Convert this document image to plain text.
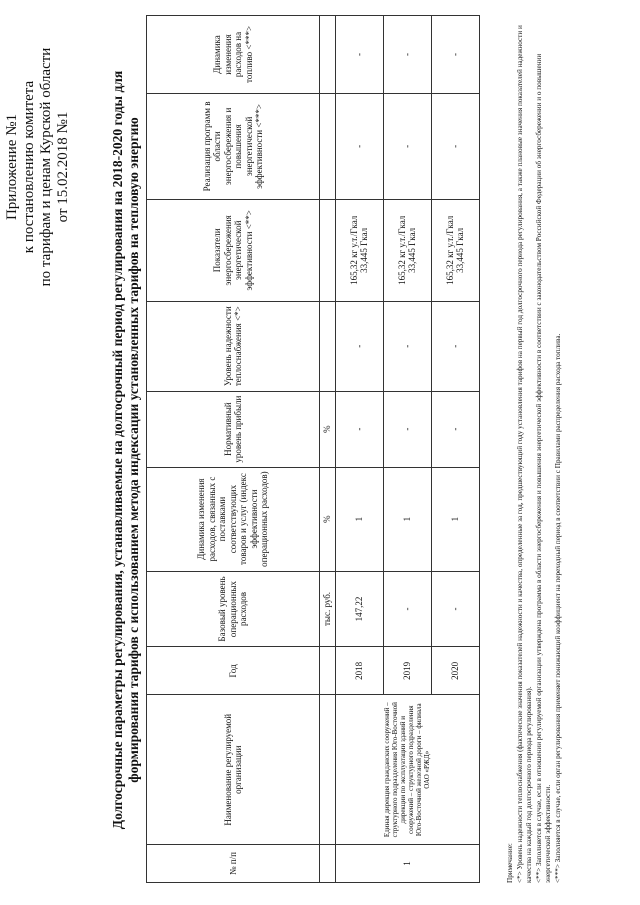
Приложение №1 к постановлению комитета по тарифам и ценам Курской области от 15.02.2018 №1	Долгосрочные параметры регулирования, устанавливаемые на долгосрочный период регулирования на 2018-2020 годы для формирования тарифов с использованием метода индексации установленных тарифов на тепловую энергию
№ п/п	Наименование регулируемой организации	Год	Базовый уровень операционных расходов	Динамика изменения расходов, связанных с поставками соответствующих товаров и услуг (индекс эффективности операционных расходов)	Нормативный уровень прибыли	Уровень надежности теплоснабжения <*>	Показатели энергосбережения энергетической эффективности <**>	Реализация программ в области энергосбережения и повышения энергетической эффективности <***>	Динамика изменения расходов на топливо <***>
			тыс. руб.	%	%				
1	Единая дирекция гражданских сооружений – структурного подразделения Юго-Восточной дирекции по эксплуатации зданий и сооружений – структурного подразделения Юго-Восточной железной дороги – филиала ОАО «РЖД»	2018	147,22	1	-	-	165,32 кг у.т./Гкал 33,445 Гкал	-	-
		2019	-	1	-	-	165,32 кг у.т./Гкал 33,445 Гкал	-	-
		2020	-	1	-	-	165,32 кг у.т./Гкал 33,445 Гкал	-	-
Примечание: <*> Уровень надежности теплоснабжения (фактические значения показателей надежности и качества, определенные за год, предшествующий году установления тарифов на первый год долгосрочного периода регулирования, а также плановые значения показателей надежности и качества на каждый год долгосрочного периода регулирования). <**> Заполняется в случае, если в отношении регулируемой организации утверждена программа в области энергосбережения и повышения энергетической эффективности в соответствии с законодательством Российской Федерации об энергосбережении и о повышении энергетической эффективности. <***> Заполняется в случае, если орган регулирования применяет понижающий коэффициент на переходный период в соответствии с Правилами распределения расхода топлива.
